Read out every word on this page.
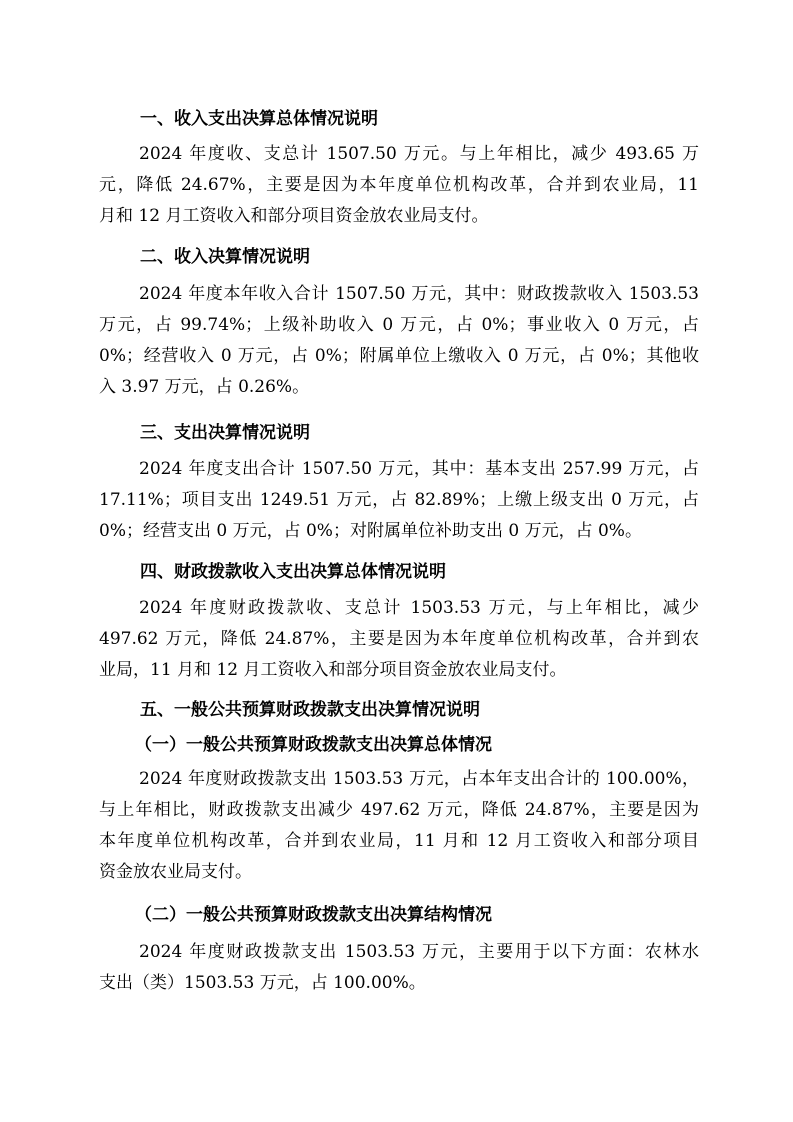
一、收入支出决算总体情况说明
2024 年度收、支总计 1507.50 万元。与上年相比，减少 493.65 万
元，降低 24.67%，主要是因为本年度单位机构改革，合并到农业局，11
月和 12 月工资收入和部分项目资金放农业局支付。
二、收入决算情况说明
2024 年度本年收入合计 1507.50 万元，其中：财政拨款收入 1503.53
万元，占 99.74%；上级补助收入 0 万元，占 0%；事业收入 0 万元，占
0%；经营收入 0 万元，占 0%；附属单位上缴收入 0 万元，占 0%；其他收
入 3.97 万元，占 0.26%。
三、支出决算情况说明
2024 年度支出合计 1507.50 万元，其中：基本支出 257.99 万元，占
17.11%；项目支出 1249.51 万元，占 82.89%；上缴上级支出 0 万元，占
0%；经营支出 0 万元，占 0%；对附属单位补助支出 0 万元，占 0%。
四、财政拨款收入支出决算总体情况说明
2024 年度财政拨款收、支总计 1503.53 万元，与上年相比，减少
497.62 万元，降低 24.87%，主要是因为本年度单位机构改革，合并到农
业局，11 月和 12 月工资收入和部分项目资金放农业局支付。
五、一般公共预算财政拨款支出决算情况说明
（一）一般公共预算财政拨款支出决算总体情况
2024 年度财政拨款支出 1503.53 万元，占本年支出合计的 100.00%，
与上年相比，财政拨款支出减少 497.62 万元，降低 24.87%，主要是因为
本年度单位机构改革，合并到农业局，11 月和 12 月工资收入和部分项目
资金放农业局支付。
（二）一般公共预算财政拨款支出决算结构情况
2024 年度财政拨款支出 1503.53 万元，主要用于以下方面：农林水
支出（类）1503.53 万元，占 100.00%。
